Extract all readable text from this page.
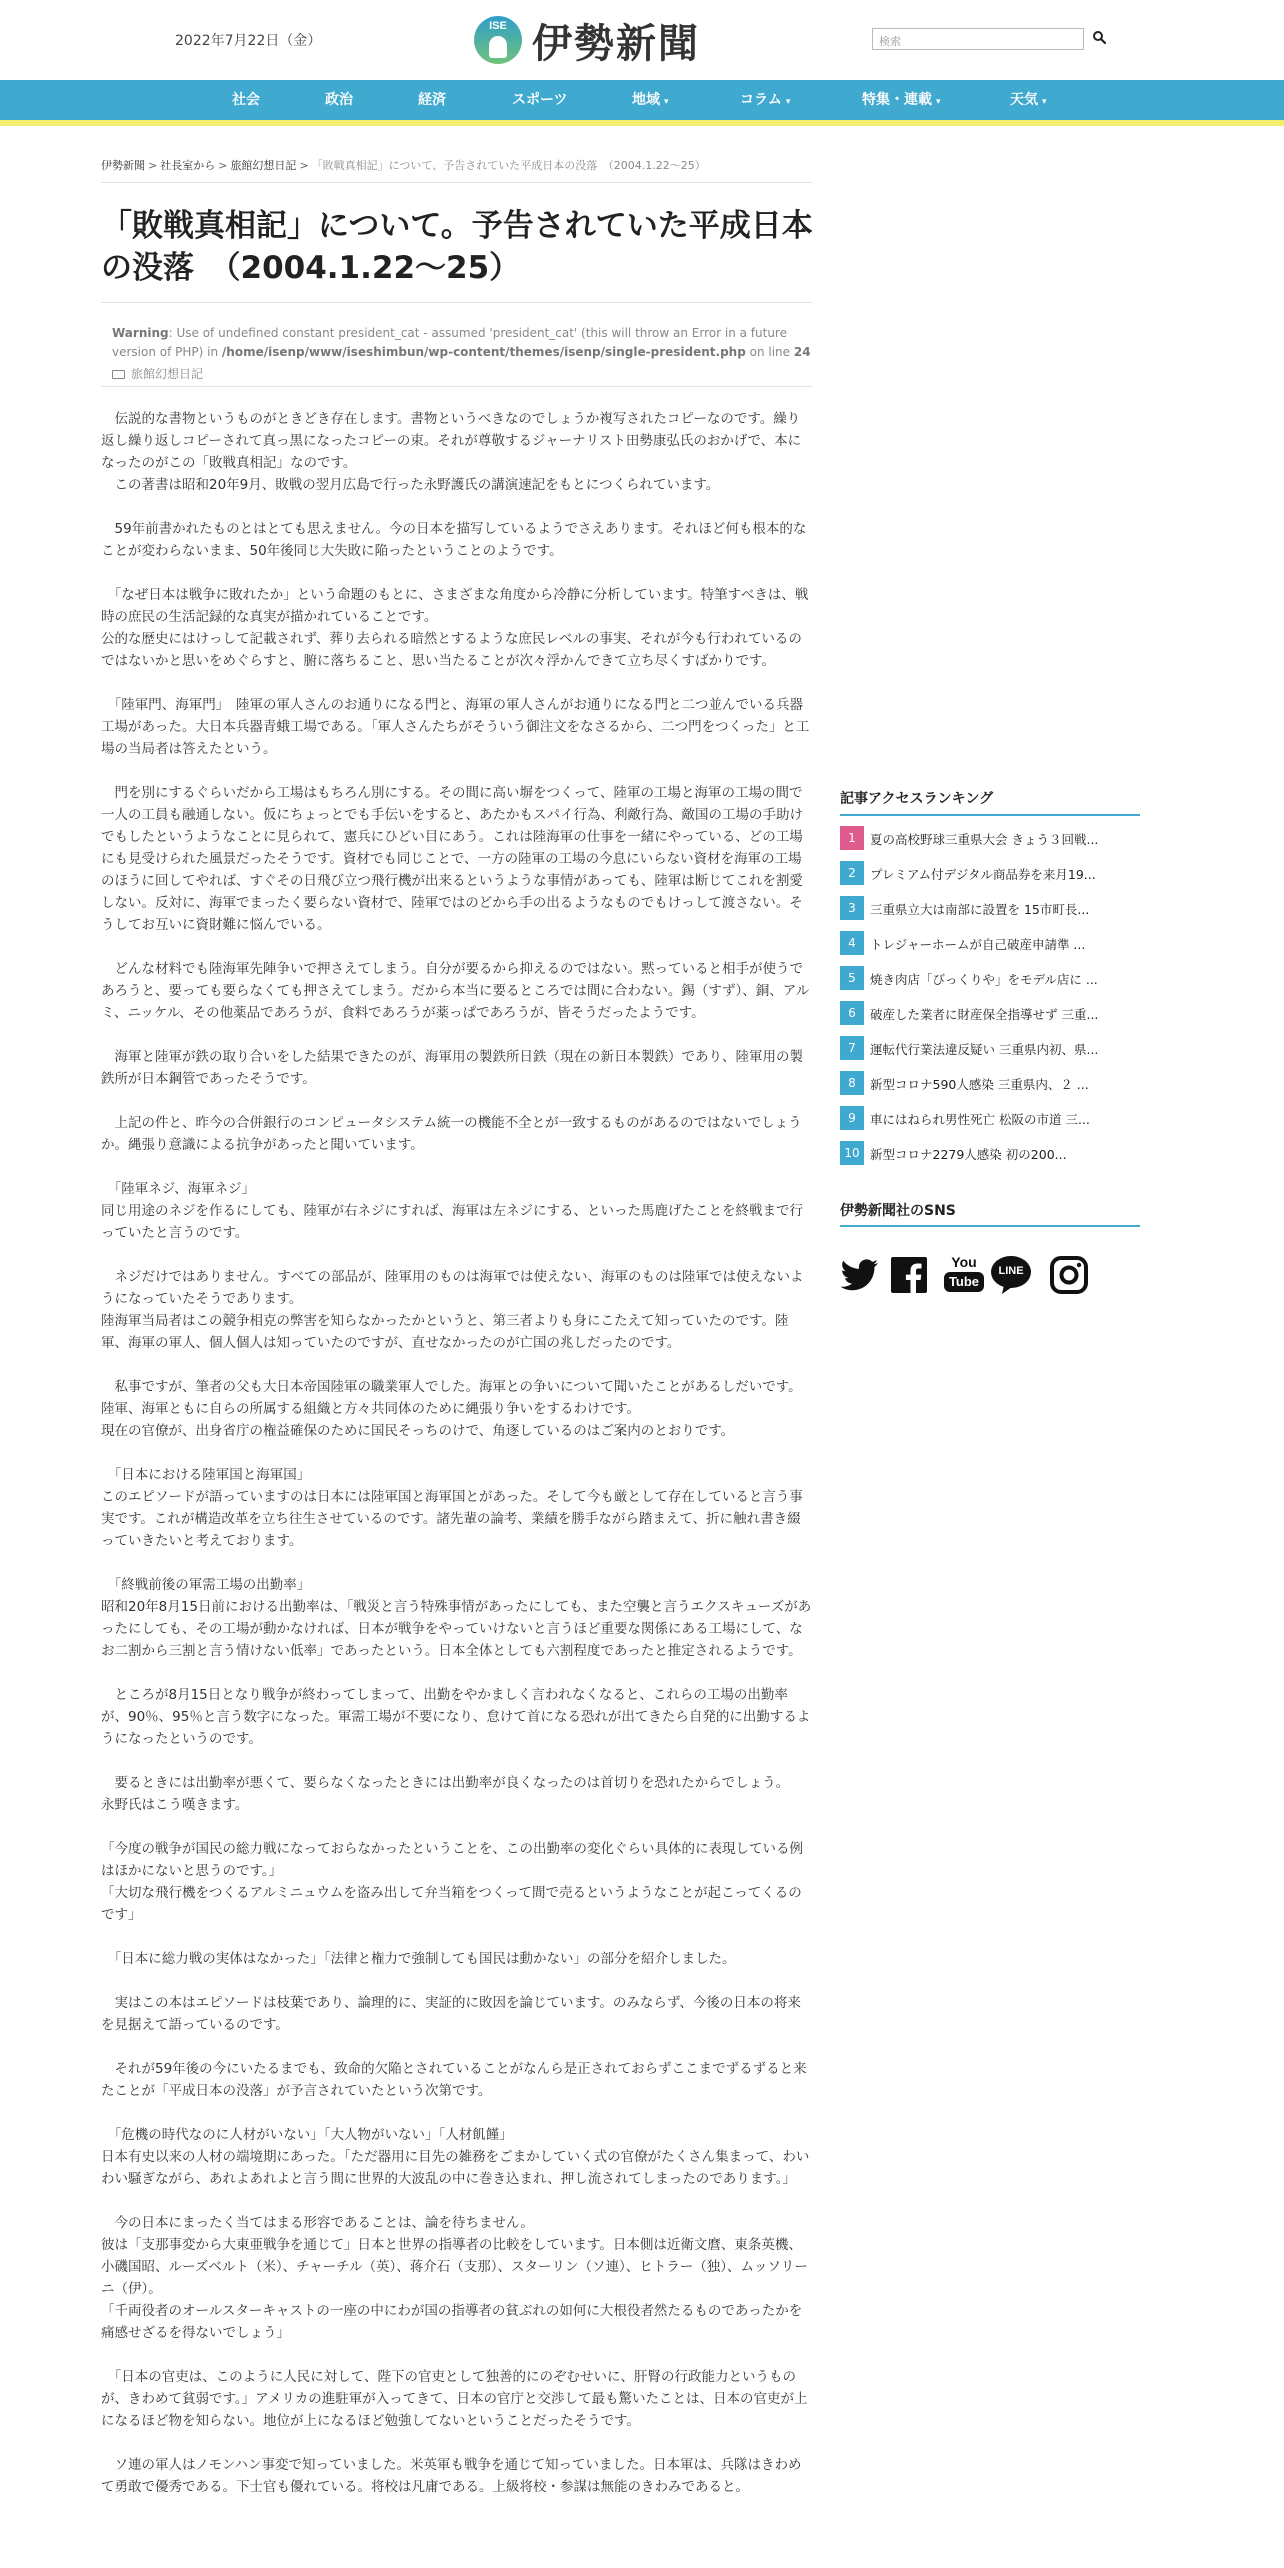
2022年7月22日（金）
ISE 伊勢新聞	検索
社会	政治	経済	スポーツ	地域 ▾	コラム ▾	特集・連載 ▾	天気 ▾
伊勢新聞 > 社長室から > 旅館幻想日記 > 「敗戦真相記」について、予告されていた平成日本の没落　（2004.1.22～25）
「敗戦真相記」について。予告されていた平成日本の没落　（2004.1.22～25）
Warning: Use of undefined constant president_cat - assumed 'president_cat' (this will throw an Error in a future version of PHP) in /home/isenp/www/iseshimbun/wp-content/themes/isenp/single-president.php on line 24
旅館幻想日記

　伝説的な書物というものがときどき存在します。書物というべきなのでしょうか複写されたコピーなのです。繰り返し繰り返しコピーされて真っ黒になったコピーの束。それが尊敬するジャーナリスト田勢康弘氏のおかげで、本になったのがこの「敗戦真相記」なのです。
　この著書は昭和20年9月、敗戦の翌月広島で行った永野護氏の講演速記をもとにつくられています。

　59年前書かれたものとはとても思えません。今の日本を描写しているようでさえあります。それほど何も根本的なことが変わらないまま、50年後同じ大失敗に陥ったということのようです。

　「なぜ日本は戦争に敗れたか」という命題のもとに、さまざまな角度から冷静に分析しています。特筆すべきは、戦時の庶民の生活記録的な真実が描かれていることです。
公的な歴史にはけっして記載されず、葬り去られる暗然とするような庶民レベルの事実、それが今も行われているのではないかと思いをめぐらすと、腑に落ちること、思い当たることが次々浮かんできて立ち尽くすばかりです。

　「陸軍門、海軍門」　陸軍の軍人さんのお通りになる門と、海軍の軍人さんがお通りになる門と二つ並んでいる兵器工場があった。大日本兵器青蛾工場である。「軍人さんたちがそういう御注文をなさるから、二つ門をつくった」と工場の当局者は答えたという。

　門を別にするぐらいだから工場はもちろん別にする。その間に高い塀をつくって、陸軍の工場と海軍の工場の間で一人の工員も融通しない。仮にちょっとでも手伝いをすると、あたかもスパイ行為、利敵行為、敵国の工場の手助けでもしたというようなことに見られて、憲兵にひどい目にあう。これは陸海軍の仕事を一緒にやっている、どの工場にも見受けられた風景だったそうです。資材でも同じことで、一方の陸軍の工場の今息にいらない資材を海軍の工場のほうに回してやれば、すぐその日飛び立つ飛行機が出来るというような事情があっても、陸軍は断じてこれを割愛しない。反対に、海軍でまったく要らない資材で、陸軍ではのどから手の出るようなものでもけっして渡さない。そうしてお互いに資財難に悩んでいる。

　どんな材料でも陸海軍先陣争いで押さえてしまう。自分が要るから抑えるのではない。黙っていると相手が使うであろうと、要っても要らなくても押さえてしまう。だから本当に要るところでは間に合わない。錫（すず）、銅、アルミ、ニッケル、その他薬品であろうが、食料であろうが薬っぱであろうが、皆そうだったようです。

　海軍と陸軍が鉄の取り合いをした結果できたのが、海軍用の製鉄所日鉄（現在の新日本製鉄）であり、陸軍用の製鉄所が日本鋼管であったそうです。

　上記の件と、昨今の合併銀行のコンピュータシステム統一の機能不全とが一致するものがあるのではないでしょうか。縄張り意識による抗争があったと聞いています。

　「陸軍ネジ、海軍ネジ」
同じ用途のネジを作るにしても、陸軍が右ネジにすれば、海軍は左ネジにする、といった馬鹿げたことを終戦まで行っていたと言うのです。

　ネジだけではありません。すべての部品が、陸軍用のものは海軍では使えない、海軍のものは陸軍では使えないようになっていたそうであります。
陸海軍当局者はこの競争相克の弊害を知らなかったかというと、第三者よりも身にこたえて知っていたのです。陸軍、海軍の軍人、個人個人は知っていたのですが、直せなかったのが亡国の兆しだったのです。

　私事ですが、筆者の父も大日本帝国陸軍の職業軍人でした。海軍との争いについて聞いたことがあるしだいです。陸軍、海軍ともに自らの所属する組織と方々共同体のために縄張り争いをするわけです。
現在の官僚が、出身省庁の権益確保のために国民そっちのけで、角逐しているのはご案内のとおりです。

　「日本における陸軍国と海軍国」
このエピソードが語っていますのは日本には陸軍国と海軍国とがあった。そして今も厳として存在していると言う事実です。これが構造改革を立ち往生させているのです。諸先輩の論考、業績を勝手ながら踏まえて、折に触れ書き綴っていきたいと考えております。

　「終戦前後の軍需工場の出勤率」
昭和20年8月15日前における出勤率は、「戦災と言う特殊事情があったにしても、また空襲と言うエクスキューズがあったにしても、その工場が動かなければ、日本が戦争をやっていけないと言うほど重要な関係にある工場にして、なお二割から三割と言う情けない低率」であったという。日本全体としても六割程度であったと推定されるようです。

　ところが8月15日となり戦争が終わってしまって、出勤をやかましく言われなくなると、これらの工場の出勤率が、90％、95％と言う数字になった。軍需工場が不要になり、怠けて首になる恐れが出てきたら自発的に出勤するようになったというのです。

　要るときには出勤率が悪くて、要らなくなったときには出勤率が良くなったのは首切りを恐れたからでしょう。
永野氏はこう嘆きます。

「今度の戦争が国民の総力戦になっておらなかったということを、この出勤率の変化ぐらい具体的に表現している例はほかにないと思うのです。」
「大切な飛行機をつくるアルミニュウムを盗み出して弁当箱をつくって間で売るというようなことが起こってくるのです」

　「日本に総力戦の実体はなかった」「法律と権力で強制しても国民は動かない」の部分を紹介しました。

　実はこの本はエピソードは枝葉であり、論理的に、実証的に敗因を論じています。のみならず、今後の日本の将来を見据えて語っているのです。

　それが59年後の今にいたるまでも、致命的欠陥とされていることがなんら是正されておらずここまでずるずると来たことが「平成日本の没落」が予言されていたという次第です。

　「危機の時代なのに人材がいない」「大人物がいない」「人材飢饉」
日本有史以来の人材の端境期にあった。「ただ器用に目先の雑務をごまかしていく式の官僚がたくさん集まって、わいわい騒ぎながら、あれよあれよと言う間に世界的大波乱の中に巻き込まれ、押し流されてしまったのであります。」

　今の日本にまったく当てはまる形容であることは、論を待ちません。
彼は「支那事変から大東亜戦争を通じて」日本と世界の指導者の比較をしています。日本側は近衛文麿、東条英機、小磯国昭、ルーズベルト（米）、チャーチル（英）、蒋介石（支那）、スターリン（ソ連）、ヒトラー（独）、ムッソリーニ（伊）。
「千両役者のオールスターキャストの一座の中にわが国の指導者の貧ぶれの如何に大根役者然たるものであったかを痛感せざるを得ないでしょう」

　「日本の官吏は、このように人民に対して、陛下の官吏として独善的にのぞむせいに、肝腎の行政能力というものが、きわめて貧弱です。」アメリカの進駐軍が入ってきて、日本の官庁と交渉して最も驚いたことは、日本の官吏が上になるほど物を知らない。地位が上になるほど勉強してないということだったそうです。

　ソ連の軍人はノモンハン事変で知っていました。米英軍も戦争を通じて知っていました。日本軍は、兵隊はきわめて勇敢で優秀である。下士官も優れている。将校は凡庸である。上級将校・参謀は無能のきわみであると。

記事アクセスランキング
1	夏の高校野球三重県大会 きょう３回戦...
2	プレミアム付デジタル商品券を来月19...
3	三重県立大は南部に設置を 15市町長...
4	トレジャーホームが自己破産申請準 ...
5	焼き肉店「びっくりや」をモデル店に ...
6	破産した業者に財産保全指導せず 三重...
7	運転代行業法違反疑い 三重県内初、県...
8	新型コロナ590人感染 三重県内、２ ...
9	車にはねられ男性死亡 松阪の市道 三...
10 新型コロナ2279人感染 初の200...
伊勢新聞社のSNS
You
Tube
LINE
